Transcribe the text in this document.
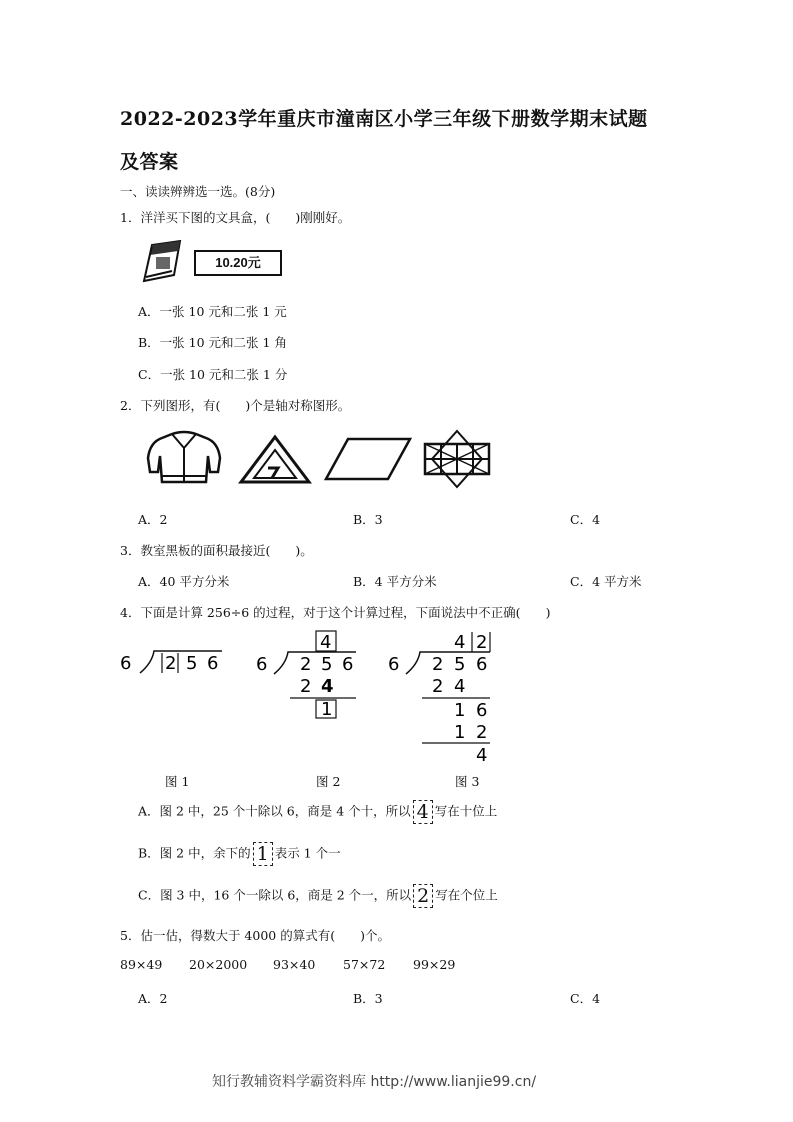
2022-2023学年重庆市潼南区小学三年级下册数学期末试题
及答案
一、读读辨辨选一选。(8分)
1．洋洋买下图的文具盒，(　　)刚刚好。
10.20元
A．一张 10 元和二张 1 元
B．一张 10 元和二张 1 角
C．一张 10 元和二张 1 分
2．下列图形，有(　　)个是轴对称图形。
A．2	B．3	C．4
3．教室黑板的面积最接近(　　)。
A．40 平方分米	B．4 平方分米	C．4 平方米
4．下面是计算 256÷6 的过程，对于这个计算过程，下面说法中不正确(　　)
6 2 5 6
4
6 2 5 6
2 4
1
4 2
6 2 5 6
2 4
1 6
1 2
4
图 1	图 2	图 3
A．图 2 中，25 个十除以 6，商是 4 个十，所以 4 写在十位上
B．图 2 中，余下的 1 表示 1 个一
C．图 3 中，16 个一除以 6，商是 2 个一，所以 2 写在个位上
5．估一估，得数大于 4000 的算式有(　　)个。
89×49 20×2000 93×40 57×72 99×29
A．2	B．3	C．4
知行教辅资料学霸资料库 http://www.lianjie99.cn/
